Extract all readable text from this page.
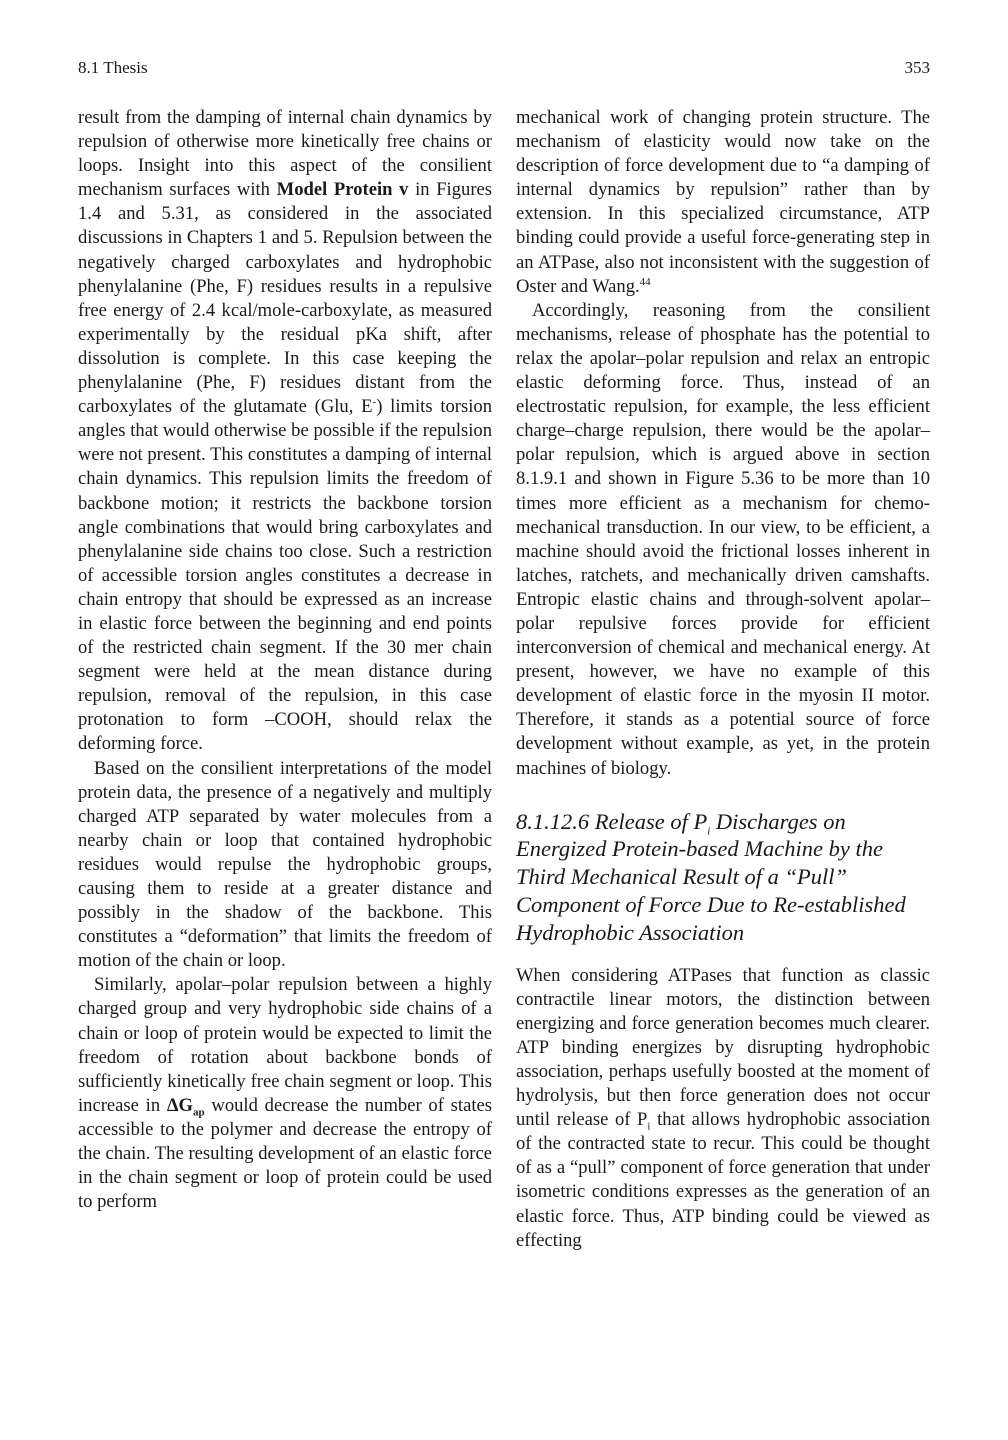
8.1 Thesis	353

result from the damping of internal chain dynamics by repulsion of otherwise more kinetically free chains or loops. Insight into this aspect of the consilient mechanism surfaces with Model Protein v in Figures 1.4 and 5.31, as considered in the associated discussions in Chapters 1 and 5. Repulsion between the negatively charged carboxylates and hydrophobic phenylalanine (Phe, F) residues results in a repulsive free energy of 2.4 kcal/mole-carboxylate, as measured experimentally by the residual pKa shift, after dissolution is complete. In this case keeping the phenylalanine (Phe, F) residues distant from the carboxylates of the glutamate (Glu, E-) limits torsion angles that would otherwise be possible if the repulsion were not present. This constitutes a damping of internal chain dynamics. This repulsion limits the freedom of backbone motion; it restricts the backbone torsion angle combinations that would bring carboxylates and phenylalanine side chains too close. Such a restriction of accessible torsion angles constitutes a decrease in chain entropy that should be expressed as an increase in elastic force between the beginning and end points of the restricted chain segment. If the 30 mer chain segment were held at the mean distance during repulsion, removal of the repulsion, in this case protonation to form –COOH, should relax the deforming force.

Based on the consilient interpretations of the model protein data, the presence of a negatively and multiply charged ATP separated by water molecules from a nearby chain or loop that contained hydrophobic residues would repulse the hydrophobic groups, causing them to reside at a greater distance and possibly in the shadow of the backbone. This constitutes a “deformation” that limits the freedom of motion of the chain or loop.

Similarly, apolar–polar repulsion between a highly charged group and very hydrophobic side chains of a chain or loop of protein would be expected to limit the freedom of rotation about backbone bonds of sufficiently kinetically free chain segment or loop. This increase in $\Delta G_{ap}$ would decrease the number of states accessible to the polymer and decrease the entropy of the chain. The resulting development of an elastic force in the chain segment or loop of protein could be used to perform

mechanical work of changing protein structure. The mechanism of elasticity would now take on the description of force development due to “a damping of internal dynamics by repulsion” rather than by extension. In this specialized circumstance, ATP binding could provide a useful force-generating step in an ATPase, also not inconsistent with the suggestion of Oster and Wang.$^{44}$

Accordingly, reasoning from the consilient mechanisms, release of phosphate has the potential to relax the apolar–polar repulsion and relax an entropic elastic deforming force. Thus, instead of an electrostatic repulsion, for example, the less efficient charge–charge repulsion, there would be the apolar–polar repulsion, which is argued above in section 8.1.9.1 and shown in Figure 5.36 to be more than 10 times more efficient as a mechanism for chemo-mechanical transduction. In our view, to be efficient, a machine should avoid the frictional losses inherent in latches, ratchets, and mechanically driven camshafts. Entropic elastic chains and through-solvent apolar–polar repulsive forces provide for efficient interconversion of chemical and mechanical energy. At present, however, we have no example of this development of elastic force in the myosin II motor. Therefore, it stands as a potential source of force development without example, as yet, in the protein machines of biology.

8.1.12.6 Release of $P_i$ Discharges on Energized Protein-based Machine by the Third Mechanical Result of a “Pull” Component of Force Due to Re-established Hydrophobic Association

When considering ATPases that function as classic contractile linear motors, the distinction between energizing and force generation becomes much clearer. ATP binding energizes by disrupting hydrophobic association, perhaps usefully boosted at the moment of hydrolysis, but then force generation does not occur until release of $P_i$ that allows hydrophobic association of the contracted state to recur. This could be thought of as a “pull” component of force generation that under isometric conditions expresses as the generation of an elastic force. Thus, ATP binding could be viewed as effecting
